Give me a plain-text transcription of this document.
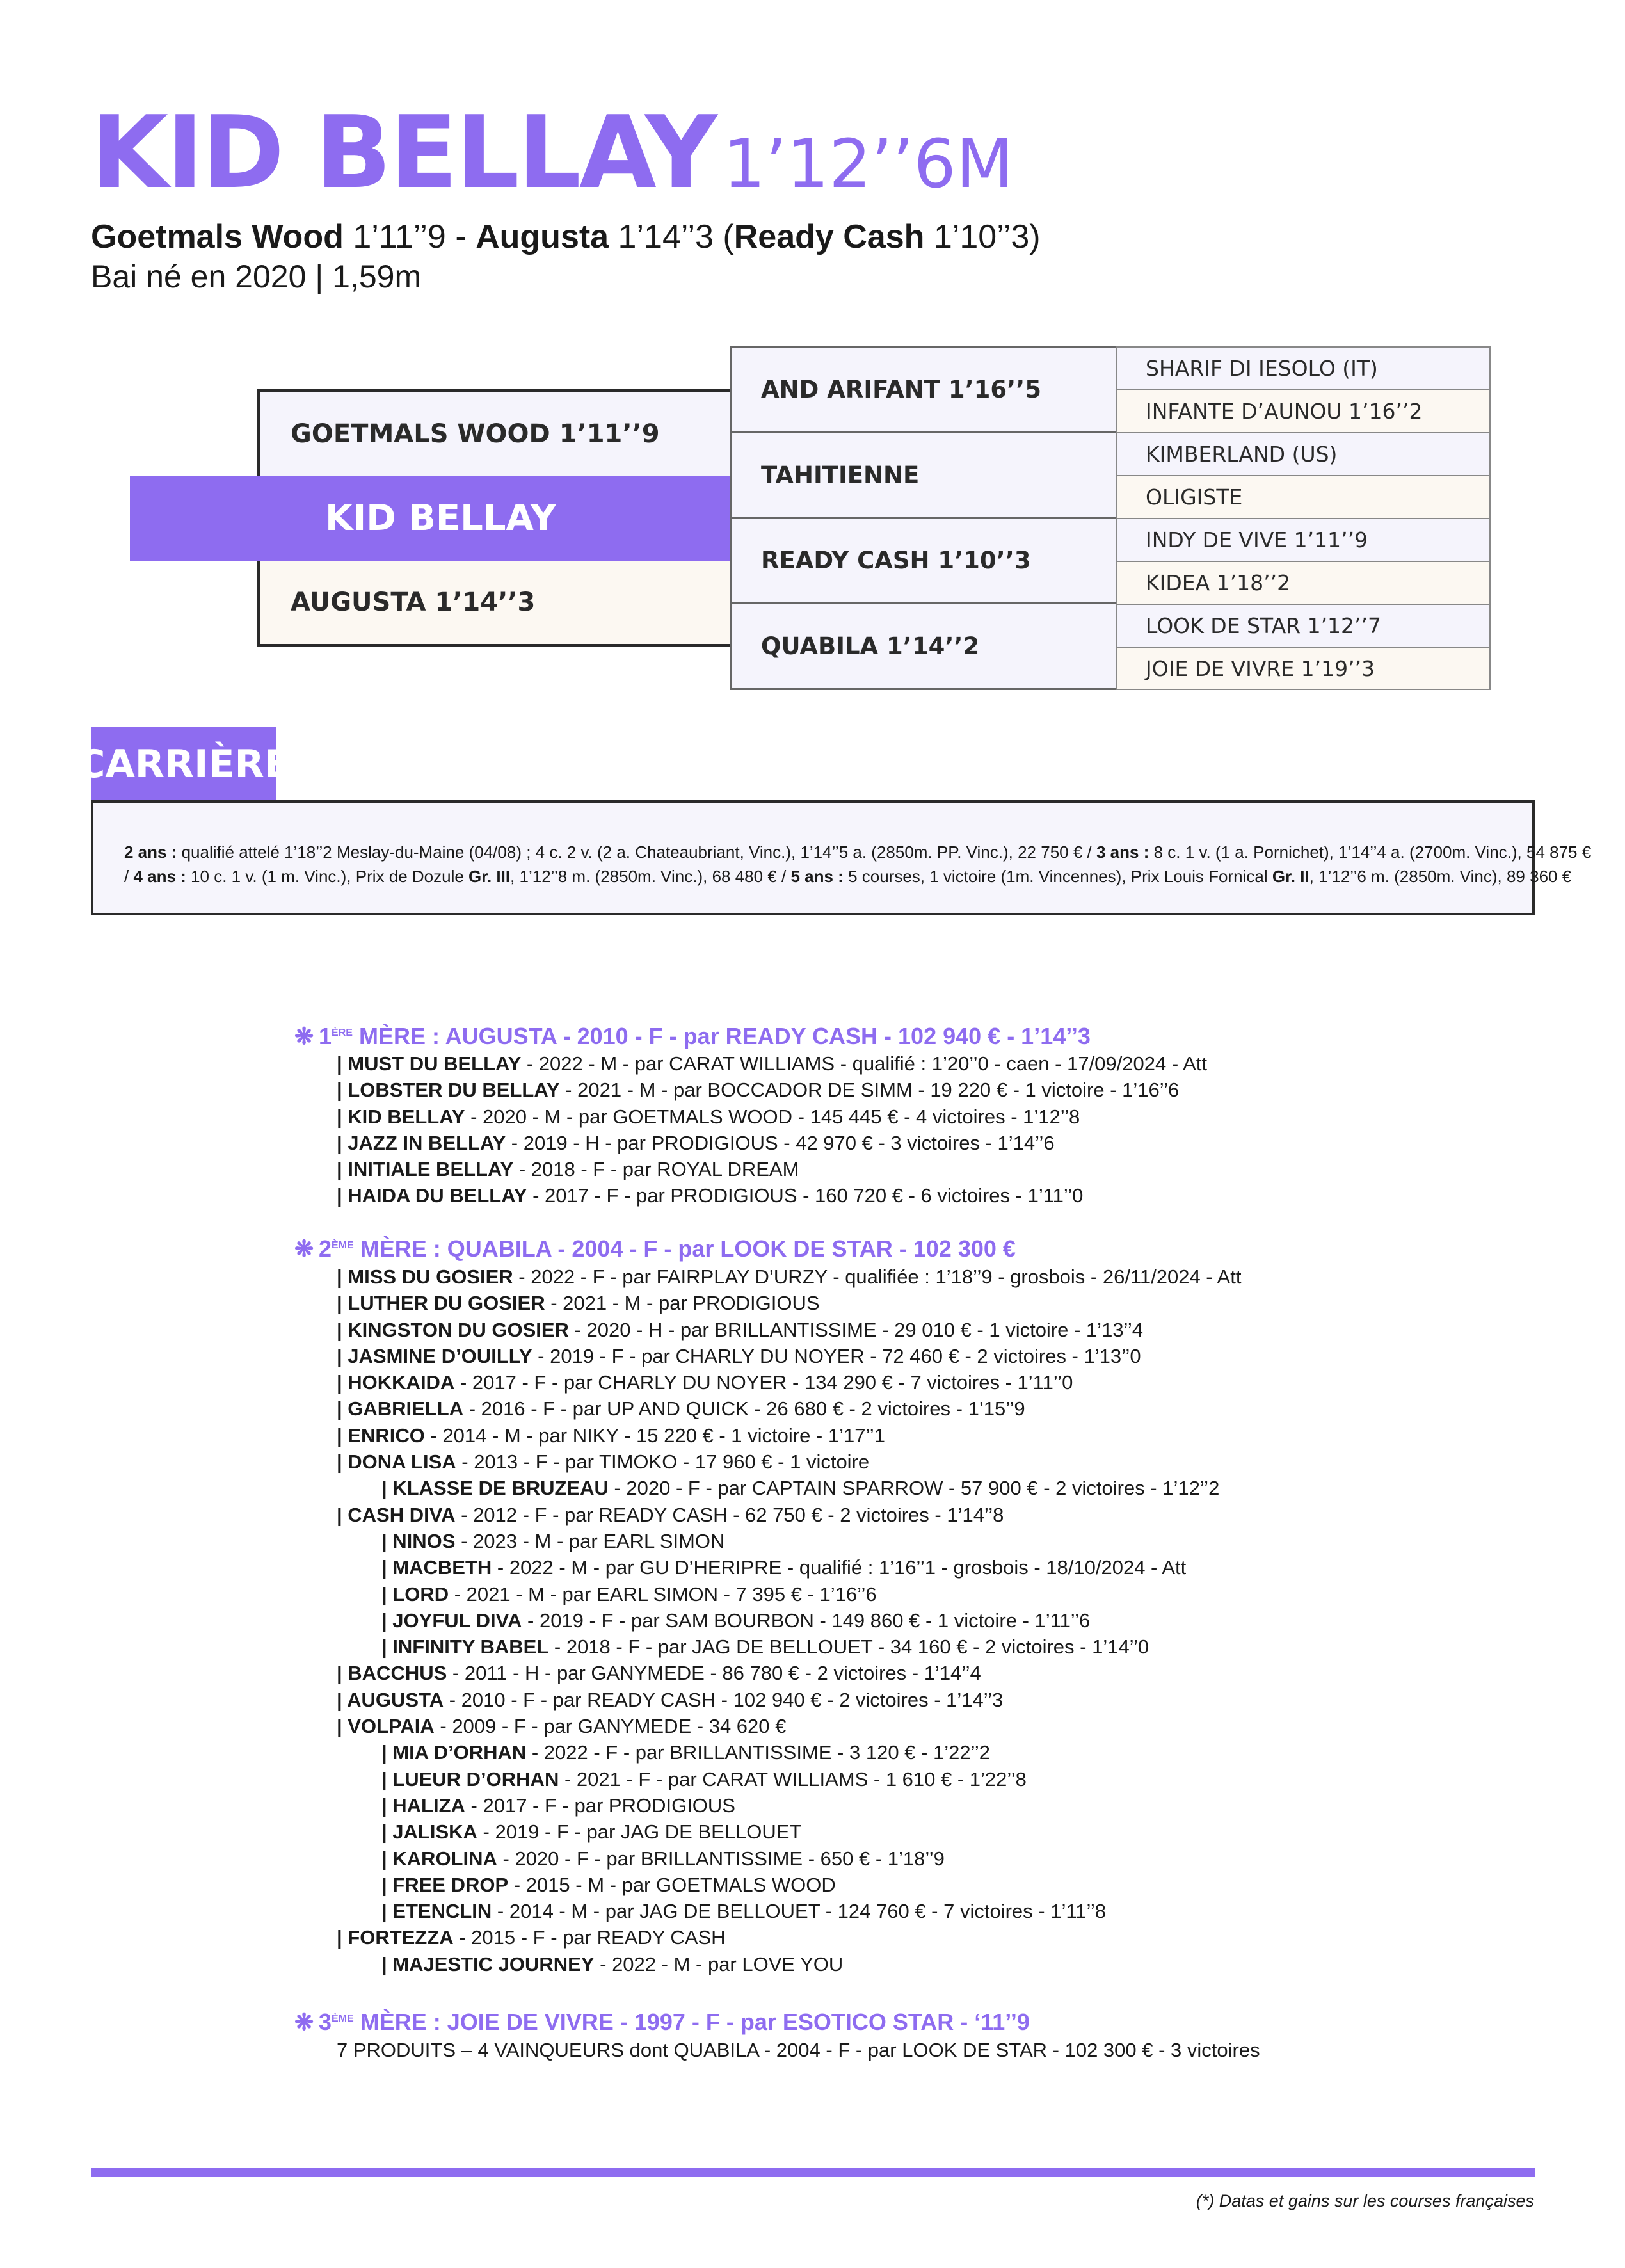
KID BELLAY 1’12’’6M
Goetmals Wood 1’11’’9 - Augusta 1’14’’3 (Ready Cash 1’10’’3)
Bai né en 2020 | 1,59m
GOETMALS WOOD 1’11’’9
KID BELLAY
AUGUSTA 1’14’’3
AND ARIFANT 1’16’’5
TAHITIENNE
READY CASH 1’10’’3
QUABILA 1’14’’2
SHARIF DI IESOLO (IT)
INFANTE D’AUNOU 1’16’’2
KIMBERLAND (US)
OLIGISTE
INDY DE VIVE 1’11’’9
KIDEA 1’18’’2
LOOK DE STAR 1’12’’7
JOIE DE VIVRE 1’19’’3
CARRIÈRE
2 ans : qualifié attelé 1’18’’2 Meslay-du-Maine (04/08) ; 4 c. 2 v. (2 a. Chateaubriant, Vinc.), 1’14’’5 a. (2850m. PP. Vinc.), 22 750 € / 3 ans : 8 c. 1 v. (1 a. Pornichet), 1’14’’4 a. (2700m. Vinc.), 54 875 €
/ 4 ans : 10 c. 1 v. (1 m. Vinc.), Prix de Dozule Gr. III, 1’12’’8 m. (2850m. Vinc.), 68 480 € / 5 ans : 5 courses, 1 victoire (1m. Vincennes), Prix Louis Fornical Gr. II, 1’12’’6 m. (2850m. Vinc), 89 360 €
❋ 1ÈRE MÈRE : AUGUSTA - 2010 - F - par READY CASH - 102 940 € - 1’14’’3
| MUST DU BELLAY - 2022 - M - par CARAT WILLIAMS - qualifié : 1’20’’0 - caen - 17/09/2024 - Att
| LOBSTER DU BELLAY - 2021 - M - par BOCCADOR DE SIMM - 19 220 € - 1 victoire - 1’16’’6
| KID BELLAY - 2020 - M - par GOETMALS WOOD - 145 445 € - 4 victoires - 1’12’’8
| JAZZ IN BELLAY - 2019 - H - par PRODIGIOUS - 42 970 € - 3 victoires - 1’14’’6
| INITIALE BELLAY - 2018 - F - par ROYAL DREAM
| HAIDA DU BELLAY - 2017 - F - par PRODIGIOUS - 160 720 € - 6 victoires - 1’11’’0
❋ 2ÈME MÈRE : QUABILA - 2004 - F - par LOOK DE STAR - 102 300 €
| MISS DU GOSIER - 2022 - F - par FAIRPLAY D’URZY - qualifiée : 1’18’’9 - grosbois - 26/11/2024 - Att
| LUTHER DU GOSIER - 2021 - M - par PRODIGIOUS
| KINGSTON DU GOSIER - 2020 - H - par BRILLANTISSIME - 29 010 € - 1 victoire - 1’13’’4
| JASMINE D’OUILLY - 2019 - F - par CHARLY DU NOYER - 72 460 € - 2 victoires - 1’13’’0
| HOKKAIDA - 2017 - F - par CHARLY DU NOYER - 134 290 € - 7 victoires - 1’11’’0
| GABRIELLA - 2016 - F - par UP AND QUICK - 26 680 € - 2 victoires - 1’15’’9
| ENRICO - 2014 - M - par NIKY - 15 220 € - 1 victoire - 1’17’’1
| DONA LISA - 2013 - F - par TIMOKO - 17 960 € - 1 victoire
| KLASSE DE BRUZEAU - 2020 - F - par CAPTAIN SPARROW - 57 900 € - 2 victoires - 1’12’’2
| CASH DIVA - 2012 - F - par READY CASH - 62 750 € - 2 victoires - 1’14’’8
| NINOS - 2023 - M - par EARL SIMON
| MACBETH - 2022 - M - par GU D’HERIPRE - qualifié : 1’16’’1 - grosbois - 18/10/2024 - Att
| LORD - 2021 - M - par EARL SIMON - 7 395 € - 1’16’’6
| JOYFUL DIVA - 2019 - F - par SAM BOURBON - 149 860 € - 1 victoire - 1’11’’6
| INFINITY BABEL - 2018 - F - par JAG DE BELLOUET - 34 160 € - 2 victoires - 1’14’’0
| BACCHUS - 2011 - H - par GANYMEDE - 86 780 € - 2 victoires - 1’14’’4
| AUGUSTA - 2010 - F - par READY CASH - 102 940 € - 2 victoires - 1’14’’3
| VOLPAIA - 2009 - F - par GANYMEDE - 34 620 €
| MIA D’ORHAN - 2022 - F - par BRILLANTISSIME - 3 120 € - 1’22’’2
| LUEUR D’ORHAN - 2021 - F - par CARAT WILLIAMS - 1 610 € - 1’22’’8
| HALIZA - 2017 - F - par PRODIGIOUS
| JALISKA - 2019 - F - par JAG DE BELLOUET
| KAROLINA - 2020 - F - par BRILLANTISSIME - 650 € - 1’18’’9
| FREE DROP - 2015 - M - par GOETMALS WOOD
| ETENCLIN - 2014 - M - par JAG DE BELLOUET - 124 760 € - 7 victoires - 1’11’’8
| FORTEZZA - 2015 - F - par READY CASH
| MAJESTIC JOURNEY - 2022 - M - par LOVE YOU
❋ 3ÈME MÈRE : JOIE DE VIVRE - 1997 - F - par ESOTICO STAR - ‘11’’9
7 PRODUITS – 4 VAINQUEURS dont QUABILA - 2004 - F - par LOOK DE STAR - 102 300 € - 3 victoires
(*) Datas et gains sur les courses françaises
